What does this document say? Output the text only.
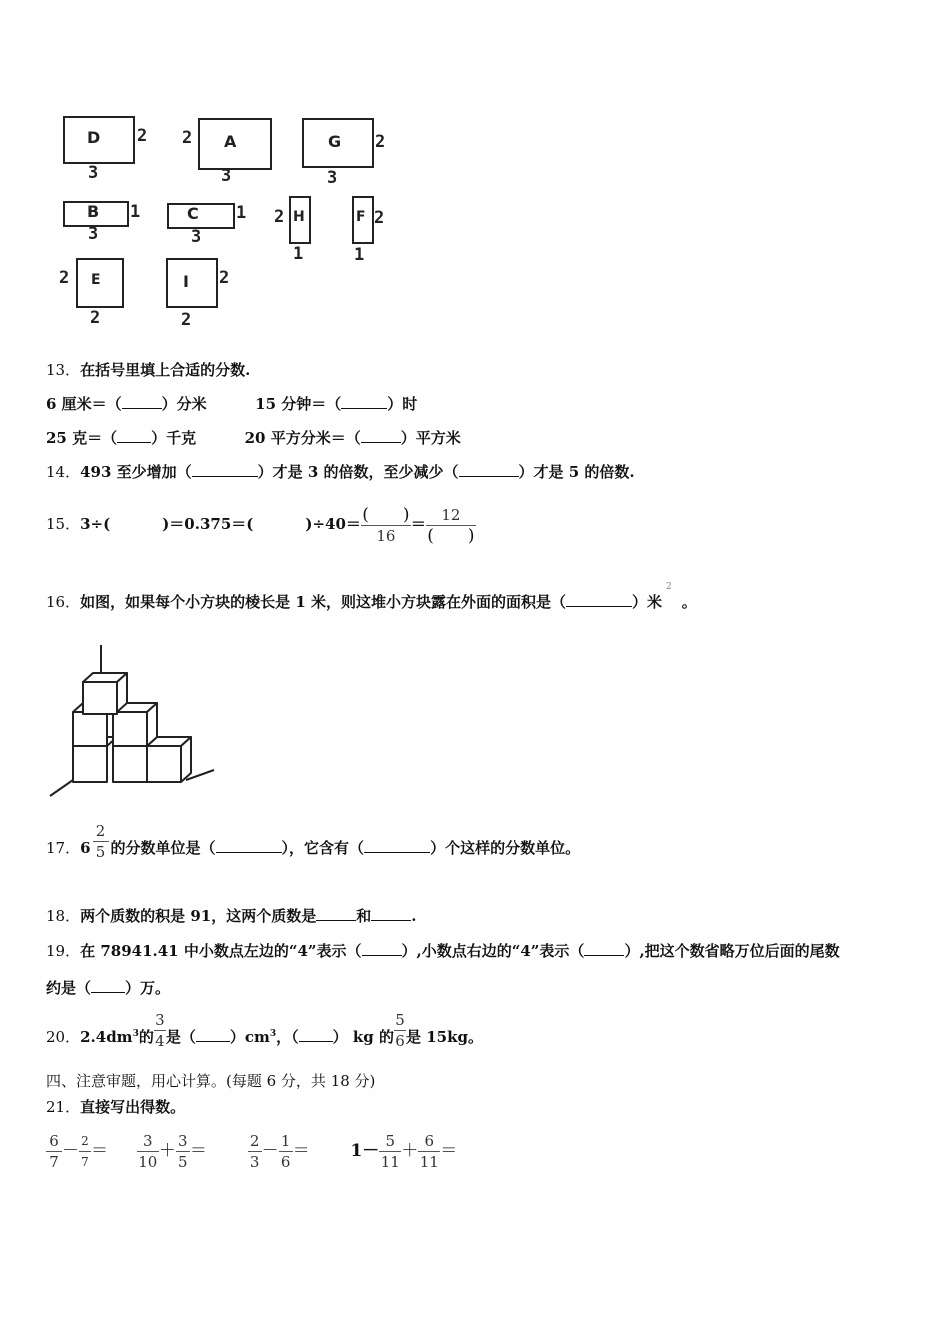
D 2
3
2 A
3
G 2
3
B 1
3
C 1
3
H
2
1
F 2
1
E
2
2
I 2
2
13．在括号里填上合适的分数.
6 厘米＝（	）分米	15 分钟＝（	）时
25 克＝（ ）千克	20 平方分米＝（	）平方米
14．493 至少增加（	）才是 3 的倍数，至少减少（	）才是 5 的倍数.
15．3÷(	)＝0.375＝(	)$\div 40= \frac{( )}{16} = \frac{12}{( )}$
16．如图，如果每个小方块的棱长是 1 米，则这堆小方块露在外面的面积是（	）米$^2$。
17．$6 \frac{2}{5}$ 的分数单位是（	），它含有（	）个这样的分数单位。
18．两个质数的积是 91，这两个质数是	和	.
19．在 78941.41 中小数点左边的“4”表示（	）,小数点右边的“4”表示（	）,把这个数省略万位后面的尾数
约是（ ）万。
20．$2.4dm^3$的 $\frac{3}{4}$ 是（ ）$cm^3$，（ ） kg 的 $\frac{5}{6}$ 是 15kg。
四、注意审题，用心计算。(每题 6 分，共 18 分)
21．直接写出得数。
$\frac{6}{7} - \frac{2}{7} = \frac{3}{10} + \frac{3}{5}$ ＝	$\frac{2}{3} - \frac{1}{6} = 1- \frac{5}{11} + \frac{6}{11}$ ＝
